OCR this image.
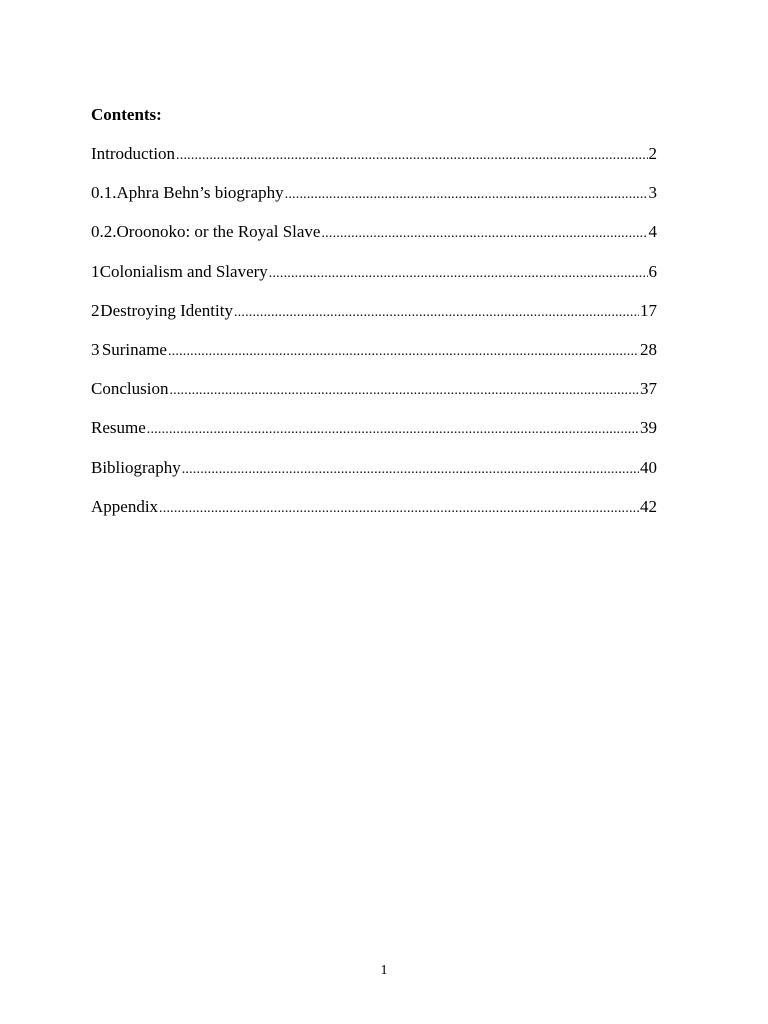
Contents:
Introduction .....	2
0.1. Aphra Behn’s biography .....	3
0.2. Oroonoko: or the Royal Slave .....	4
1 Colonialism and Slavery .....	6
2 Destroying Identity .....	17
3 Suriname .....	28
Conclusion .....	37
Resume .....	39
Bibliography .....	40
Appendix .....	42
1
